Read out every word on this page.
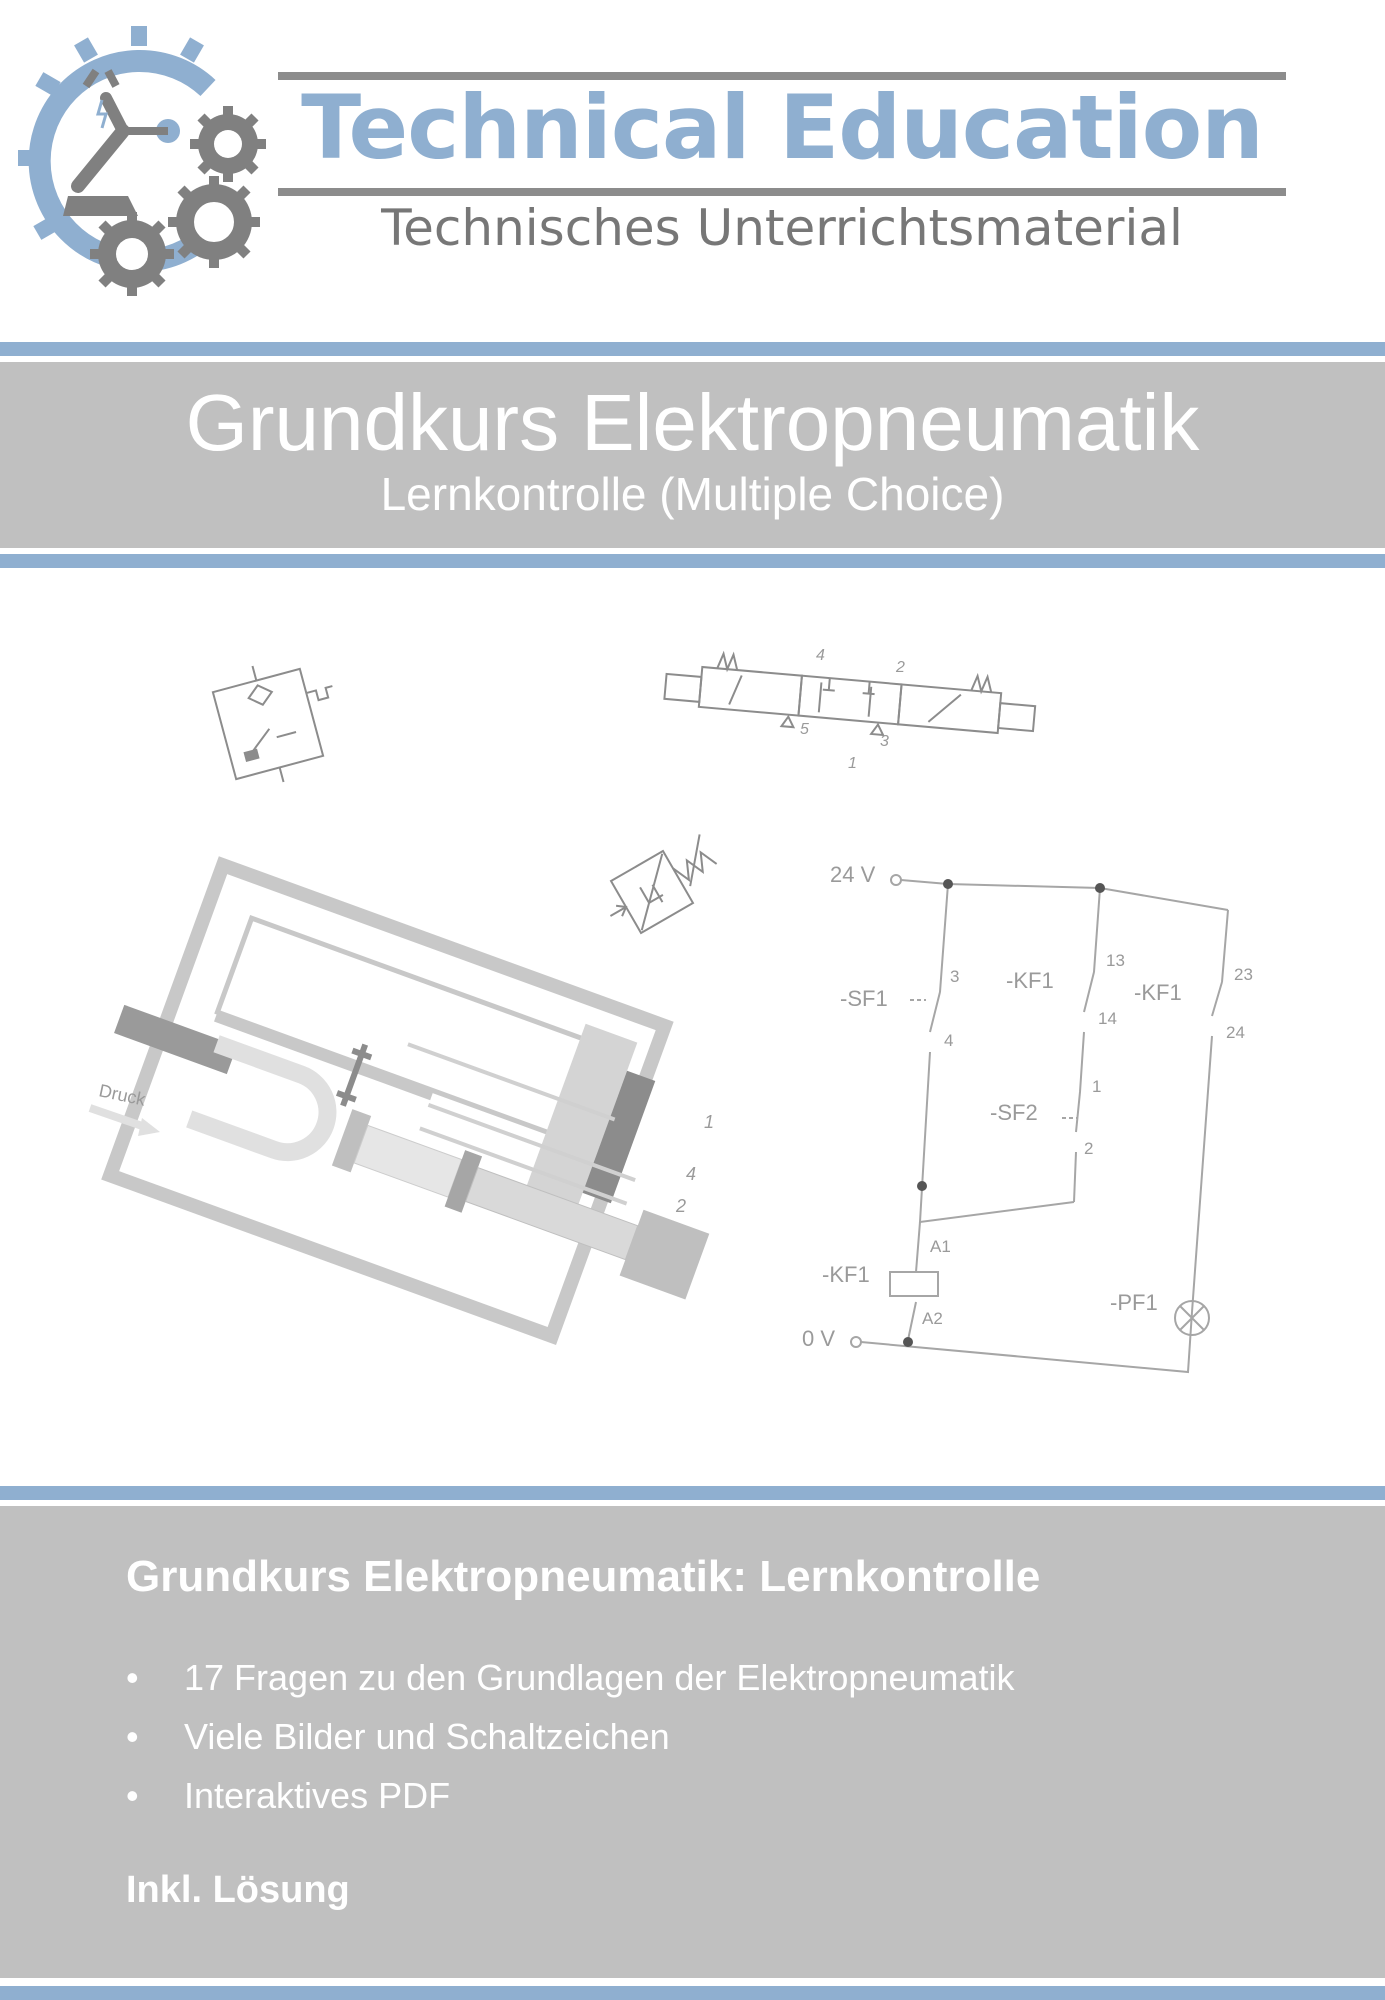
Technical Education
Technisches Unterrichtsmaterial
Grundkurs Elektropneumatik
Lernkontrolle (Multiple Choice)
4
2
5
3
1
Druck
1
4
2
24 V
0 V
-SF1
-KF1	-KF1
-SF2
-KF1
-PF1
3
4
13
14
23
24
1
2
A1
A2
Grundkurs Elektropneumatik: Lernkontrolle
• 17 Fragen zu den Grundlagen der Elektropneumatik
• Viele Bilder und Schaltzeichen
• Interaktives PDF
Inkl. Lösung
